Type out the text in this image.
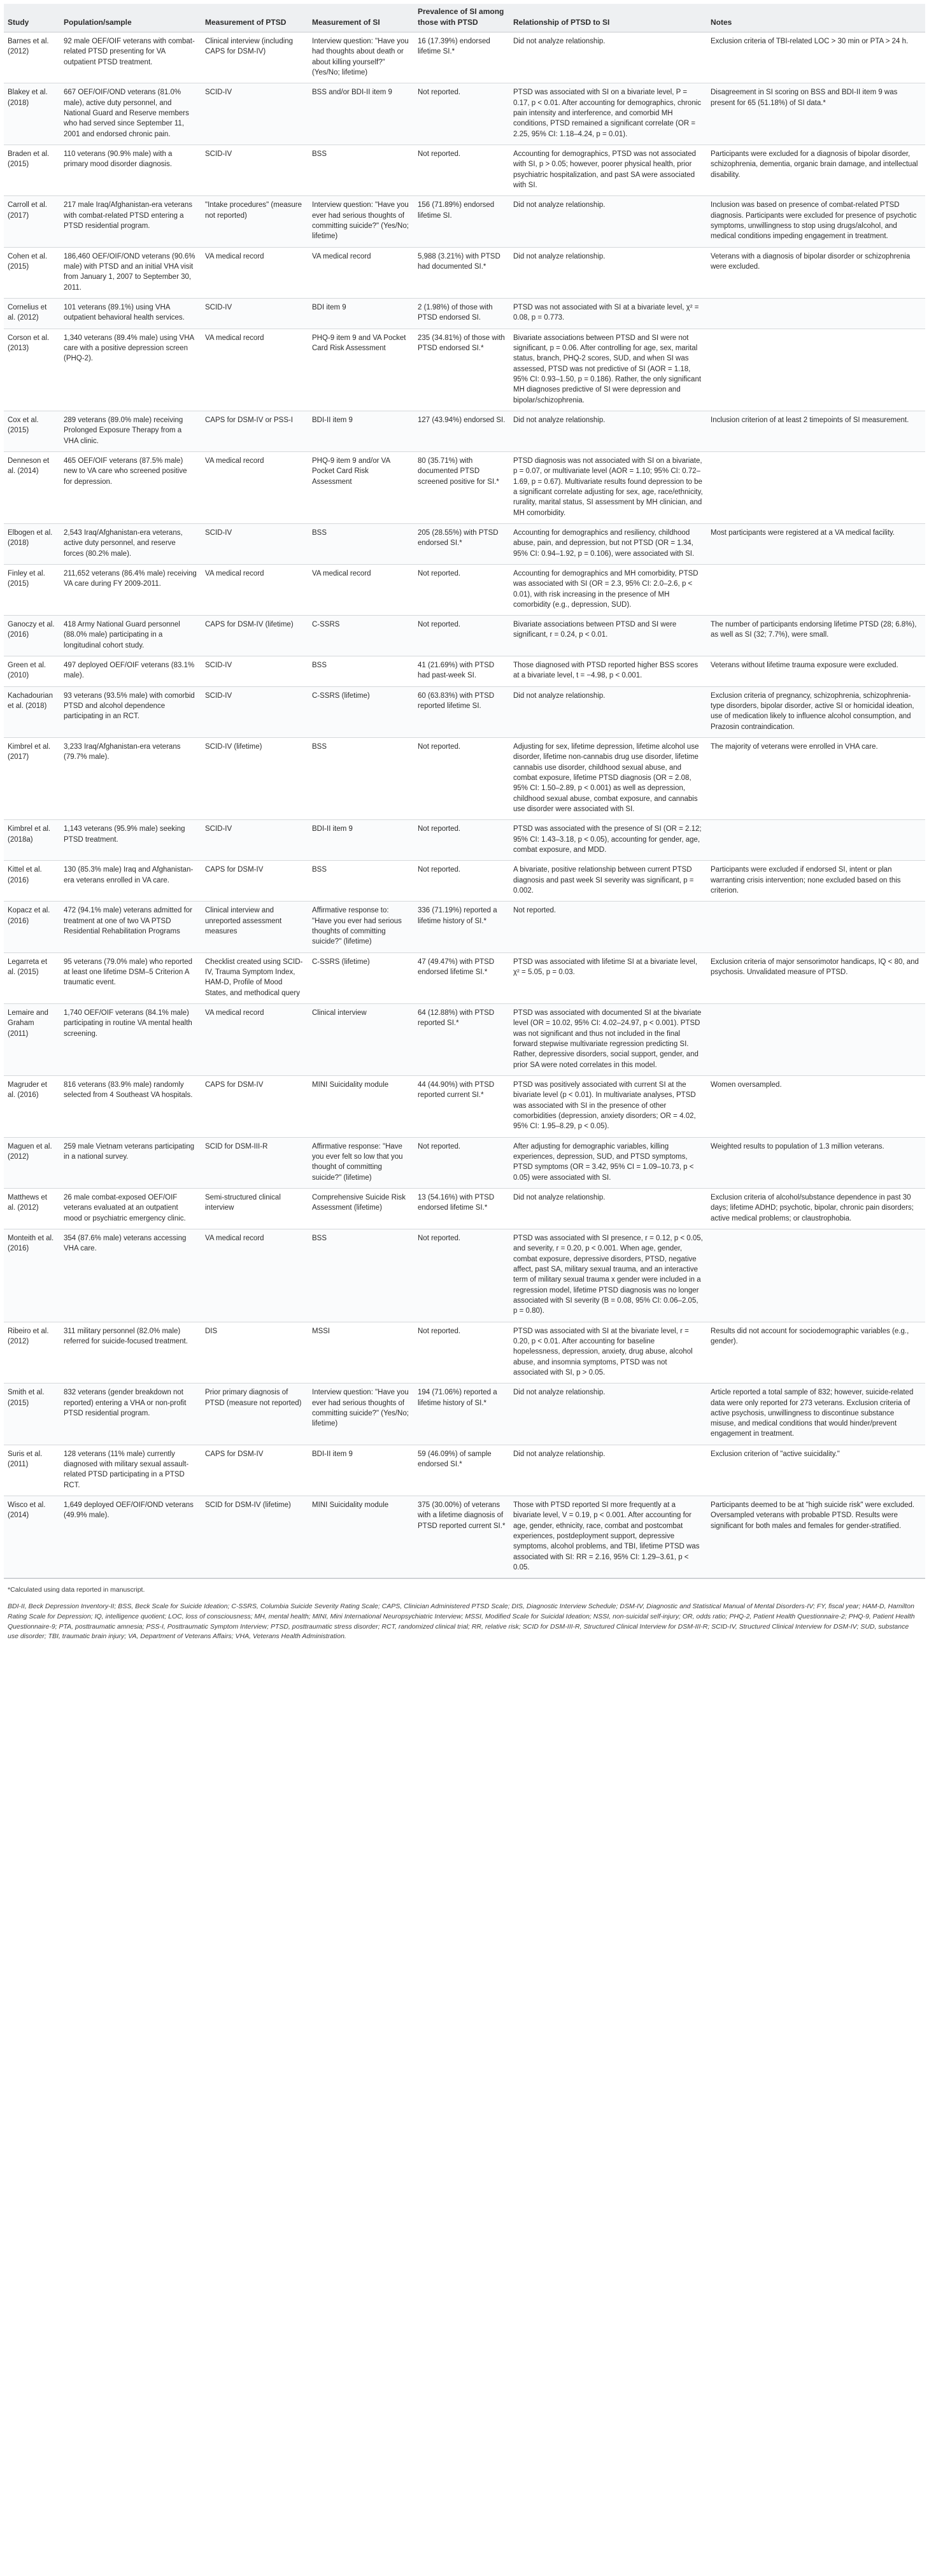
Study	Population/sample	Measurement of PTSD	Measurement of SI	Prevalence of SI among those with PTSD	Relationship of PTSD to SI	Notes
Barnes et al. (2012)	92 male OEF/OIF veterans with combat-related PTSD presenting for VA outpatient PTSD treatment.	Clinical interview (including CAPS for DSM-IV)	Interview question: "Have you had thoughts about death or about killing yourself?" (Yes/No; lifetime)	16 (17.39%) endorsed lifetime SI.*	Did not analyze relationship.	Exclusion criteria of TBI-related LOC > 30 min or PTA > 24 h.
Blakey et al. (2018)	667 OEF/OIF/OND veterans (81.0% male), active duty personnel, and National Guard and Reserve members who had served since September 11, 2001 and endorsed chronic pain.	SCID-IV	BSS and/or BDI-II item 9	Not reported.	PTSD was associated with SI on a bivariate level, P = 0.17, p < 0.01. After accounting for demographics, chronic pain intensity and interference, and comorbid MH conditions, PTSD remained a significant correlate (OR = 2.25, 95% CI: 1.18–4.24, p = 0.01).	Disagreement in SI scoring on BSS and BDI-II item 9 was present for 65 (51.18%) of SI data.*
Braden et al. (2015)	110 veterans (90.9% male) with a primary mood disorder diagnosis.	SCID-IV	BSS	Not reported.	Accounting for demographics, PTSD was not associated with SI, p > 0.05; however, poorer physical health, prior psychiatric hospitalization, and past SA were associated with SI.	Participants were excluded for a diagnosis of bipolar disorder, schizophrenia, dementia, organic brain damage, and intellectual disability.
Carroll et al. (2017)	217 male Iraq/Afghanistan-era veterans with combat-related PTSD entering a PTSD residential program.	"Intake procedures" (measure not reported)	Interview question: "Have you ever had serious thoughts of committing suicide?" (Yes/No; lifetime)	156 (71.89%) endorsed lifetime SI.	Did not analyze relationship.	Inclusion was based on presence of combat-related PTSD diagnosis. Participants were excluded for presence of psychotic symptoms, unwillingness to stop using drugs/alcohol, and medical conditions impeding engagement in treatment.
Cohen et al. (2015)	186,460 OEF/OIF/OND veterans (90.6% male) with PTSD and an initial VHA visit from January 1, 2007 to September 30, 2011.	VA medical record	VA medical record	5,988 (3.21%) with PTSD had documented SI.*	Did not analyze relationship.	Veterans with a diagnosis of bipolar disorder or schizophrenia were excluded.
Cornelius et al. (2012)	101 veterans (89.1%) using VHA outpatient behavioral health services.	SCID-IV	BDI item 9	2 (1.98%) of those with PTSD endorsed SI.	PTSD was not associated with SI at a bivariate level, χ² = 0.08, p = 0.773.	
Corson et al. (2013)	1,340 veterans (89.4% male) using VHA care with a positive depression screen (PHQ-2).	VA medical record	PHQ-9 item 9 and VA Pocket Card Risk Assessment	235 (34.81%) of those with PTSD endorsed SI.*	Bivariate associations between PTSD and SI were not significant, p = 0.06. After controlling for age, sex, marital status, branch, PHQ-2 scores, SUD, and when SI was assessed, PTSD was not predictive of SI (AOR = 1.18, 95% CI: 0.93–1.50, p = 0.186). Rather, the only significant MH diagnoses predictive of SI were depression and bipolar/schizophrenia.	
Cox et al. (2015)	289 veterans (89.0% male) receiving Prolonged Exposure Therapy from a VHA clinic.	CAPS for DSM-IV or PSS-I	BDI-II item 9	127 (43.94%) endorsed SI.	Did not analyze relationship.	Inclusion criterion of at least 2 timepoints of SI measurement.
Denneson et al. (2014)	465 OEF/OIF veterans (87.5% male) new to VA care who screened positive for depression.	VA medical record	PHQ-9 item 9 and/or VA Pocket Card Risk Assessment	80 (35.71%) with documented PTSD screened positive for SI.*	PTSD diagnosis was not associated with SI on a bivariate, p = 0.07, or multivariate level (AOR = 1.10; 95% CI: 0.72–1.69, p = 0.67). Multivariate results found depression to be a significant correlate adjusting for sex, age, race/ethnicity, rurality, marital status, SI assessment by MH clinician, and MH comorbidity.	
Elbogen et al. (2018)	2,543 Iraq/Afghanistan-era veterans, active duty personnel, and reserve forces (80.2% male).	SCID-IV	BSS	205 (28.55%) with PTSD endorsed SI.*	Accounting for demographics and resiliency, childhood abuse, pain, and depression, but not PTSD (OR = 1.34, 95% CI: 0.94–1.92, p = 0.106), were associated with SI.	Most participants were registered at a VA medical facility.
Finley et al. (2015)	211,652 veterans (86.4% male) receiving VA care during FY 2009-2011.	VA medical record	VA medical record	Not reported.	Accounting for demographics and MH comorbidity, PTSD was associated with SI (OR = 2.3, 95% CI: 2.0–2.6, p < 0.01), with risk increasing in the presence of MH comorbidity (e.g., depression, SUD).	
Ganoczy et al. (2016)	418 Army National Guard personnel (88.0% male) participating in a longitudinal cohort study.	CAPS for DSM-IV (lifetime)	C-SSRS	Not reported.	Bivariate associations between PTSD and SI were significant, r = 0.24, p < 0.01.	The number of participants endorsing lifetime PTSD (28; 6.8%), as well as SI (32; 7.7%), were small.
Green et al. (2010)	497 deployed OEF/OIF veterans (83.1% male).	SCID-IV	BSS	41 (21.69%) with PTSD had past-week SI.	Those diagnosed with PTSD reported higher BSS scores at a bivariate level, t = −4.98, p < 0.001.	Veterans without lifetime trauma exposure were excluded.
Kachadourian et al. (2018)	93 veterans (93.5% male) with comorbid PTSD and alcohol dependence participating in an RCT.	SCID-IV	C-SSRS (lifetime)	60 (63.83%) with PTSD reported lifetime SI.	Did not analyze relationship.	Exclusion criteria of pregnancy, schizophrenia, schizophrenia-type disorders, bipolar disorder, active SI or homicidal ideation, use of medication likely to influence alcohol consumption, and Prazosin contraindication.
Kimbrel et al. (2017)	3,233 Iraq/Afghanistan-era veterans (79.7% male).	SCID-IV (lifetime)	BSS	Not reported.	Adjusting for sex, lifetime depression, lifetime alcohol use disorder, lifetime non-cannabis drug use disorder, lifetime cannabis use disorder, childhood sexual abuse, and combat exposure, lifetime PTSD diagnosis (OR = 2.08, 95% CI: 1.50–2.89, p < 0.001) as well as depression, childhood sexual abuse, combat exposure, and cannabis use disorder were associated with SI.	The majority of veterans were enrolled in VHA care.
Kimbrel et al. (2018a)	1,143 veterans (95.9% male) seeking PTSD treatment.	SCID-IV	BDI-II item 9	Not reported.	PTSD was associated with the presence of SI (OR = 2.12; 95% CI: 1.43–3.18, p < 0.05), accounting for gender, age, combat exposure, and MDD.	
Kittel et al. (2016)	130 (85.3% male) Iraq and Afghanistan-era veterans enrolled in VA care.	CAPS for DSM-IV	BSS	Not reported.	A bivariate, positive relationship between current PTSD diagnosis and past week SI severity was significant, p = 0.002.	Participants were excluded if endorsed SI, intent or plan warranting crisis intervention; none excluded based on this criterion.
Kopacz et al. (2016)	472 (94.1% male) veterans admitted for treatment at one of two VA PTSD Residential Rehabilitation Programs	Clinical interview and unreported assessment measures	Affirmative response to: "Have you ever had serious thoughts of committing suicide?" (lifetime)	336 (71.19%) reported a lifetime history of SI.*	Not reported.	
Legarreta et al. (2015)	95 veterans (79.0% male) who reported at least one lifetime DSM–5 Criterion A traumatic event.	Checklist created using SCID-IV, Trauma Symptom Index, HAM-D, Profile of Mood States, and methodical query	C-SSRS (lifetime)	47 (49.47%) with PTSD endorsed lifetime SI.*	PTSD was associated with lifetime SI at a bivariate level, χ² = 5.05, p = 0.03.	Exclusion criteria of major sensorimotor handicaps, IQ < 80, and psychosis. Unvalidated measure of PTSD.
Lemaire and Graham (2011)	1,740 OEF/OIF veterans (84.1% male) participating in routine VA mental health screening.	VA medical record	Clinical interview	64 (12.88%) with PTSD reported SI.*	PTSD was associated with documented SI at the bivariate level (OR = 10.02, 95% CI: 4.02–24.97, p < 0.001). PTSD was not significant and thus not included in the final forward stepwise multivariate regression predicting SI. Rather, depressive disorders, social support, gender, and prior SA were noted correlates in this model.	
Magruder et al. (2016)	816 veterans (83.9% male) randomly selected from 4 Southeast VA hospitals.	CAPS for DSM-IV	MINI Suicidality module	44 (44.90%) with PTSD reported current SI.*	PTSD was positively associated with current SI at the bivariate level (p < 0.01). In multivariate analyses, PTSD was associated with SI in the presence of other comorbidities (depression, anxiety disorders; OR = 4.02, 95% CI: 1.95–8.29, p < 0.05).	Women oversampled.
Maguen et al. (2012)	259 male Vietnam veterans participating in a national survey.	SCID for DSM-III-R	Affirmative response: "Have you ever felt so low that you thought of committing suicide?" (lifetime)	Not reported.	After adjusting for demographic variables, killing experiences, depression, SUD, and PTSD symptoms, PTSD symptoms (OR = 3.42, 95% CI = 1.09–10.73, p < 0.05) were associated with SI.	Weighted results to population of 1.3 million veterans.
Matthews et al. (2012)	26 male combat-exposed OEF/OIF veterans evaluated at an outpatient mood or psychiatric emergency clinic.	Semi-structured clinical interview	Comprehensive Suicide Risk Assessment (lifetime)	13 (54.16%) with PTSD endorsed lifetime SI.*	Did not analyze relationship.	Exclusion criteria of alcohol/substance dependence in past 30 days; lifetime ADHD; psychotic, bipolar, chronic pain disorders; active medical problems; or claustrophobia.
Monteith et al. (2016)	354 (87.6% male) veterans accessing VHA care.	VA medical record	BSS	Not reported.	PTSD was associated with SI presence, r = 0.12, p < 0.05, and severity, r = 0.20, p < 0.001. When age, gender, combat exposure, depressive disorders, PTSD, negative affect, past SA, military sexual trauma, and an interactive term of military sexual trauma x gender were included in a regression model, lifetime PTSD diagnosis was no longer associated with SI severity (B = 0.08, 95% CI: 0.06–2.05, p = 0.80).	
Ribeiro et al. (2012)	311 military personnel (82.0% male) referred for suicide-focused treatment.	DIS	MSSI	Not reported.	PTSD was associated with SI at the bivariate level, r = 0.20, p < 0.01. After accounting for baseline hopelessness, depression, anxiety, drug abuse, alcohol abuse, and insomnia symptoms, PTSD was not associated with SI, p > 0.05.	Results did not account for sociodemographic variables (e.g., gender).
Smith et al. (2015)	832 veterans (gender breakdown not reported) entering a VHA or non-profit PTSD residential program.	Prior primary diagnosis of PTSD (measure not reported)	Interview question: "Have you ever had serious thoughts of committing suicide?" (Yes/No; lifetime)	194 (71.06%) reported a lifetime history of SI.*	Did not analyze relationship.	Article reported a total sample of 832; however, suicide-related data were only reported for 273 veterans. Exclusion criteria of active psychosis, unwillingness to discontinue substance misuse, and medical conditions that would hinder/prevent engagement in treatment.
Suris et al. (2011)	128 veterans (11% male) currently diagnosed with military sexual assault-related PTSD participating in a PTSD RCT.	CAPS for DSM-IV	BDI-II item 9	59 (46.09%) of sample endorsed SI.*	Did not analyze relationship.	Exclusion criterion of "active suicidality."
Wisco et al. (2014)	1,649 deployed OEF/OIF/OND veterans (49.9% male).	SCID for DSM-IV (lifetime)	MINI Suicidality module	375 (30.00%) of veterans with a lifetime diagnosis of PTSD reported current SI.*	Those with PTSD reported SI more frequently at a bivariate level, V = 0.19, p < 0.001. After accounting for age, gender, ethnicity, race, combat and postcombat experiences, postdeployment support, depressive symptoms, alcohol problems, and TBI, lifetime PTSD was associated with SI: RR = 2.16, 95% CI: 1.29–3.61, p < 0.05.	Participants deemed to be at "high suicide risk" were excluded. Oversampled veterans with probable PTSD. Results were significant for both males and females for gender-stratified.

*Calculated using data reported in manuscript.

BDI-II, Beck Depression Inventory-II; BSS, Beck Scale for Suicide Ideation; C-SSRS, Columbia Suicide Severity Rating Scale; CAPS, Clinician Administered PTSD Scale; DIS, Diagnostic Interview Schedule; DSM-IV, Diagnostic and Statistical Manual of Mental Disorders-IV; FY, fiscal year; HAM-D, Hamilton Rating Scale for Depression; IQ, intelligence quotient; LOC, loss of consciousness; MH, mental health; MINI, Mini International Neuropsychiatric Interview; MSSI, Modified Scale for Suicidal Ideation; NSSI, non-suicidal self-injury; OR, odds ratio; PHQ-2, Patient Health Questionnaire-2; PHQ-9, Patient Health Questionnaire-9; PTA, posttraumatic amnesia; PSS-I, Posttraumatic Symptom Interview; PTSD, posttraumatic stress disorder; RCT, randomized clinical trial; RR, relative risk; SCID for DSM-III-R, Structured Clinical Interview for DSM-III-R; SCID-IV, Structured Clinical Interview for DSM-IV; SUD, substance use disorder; TBI, traumatic brain injury; VA, Department of Veterans Affairs; VHA, Veterans Health Administration.
